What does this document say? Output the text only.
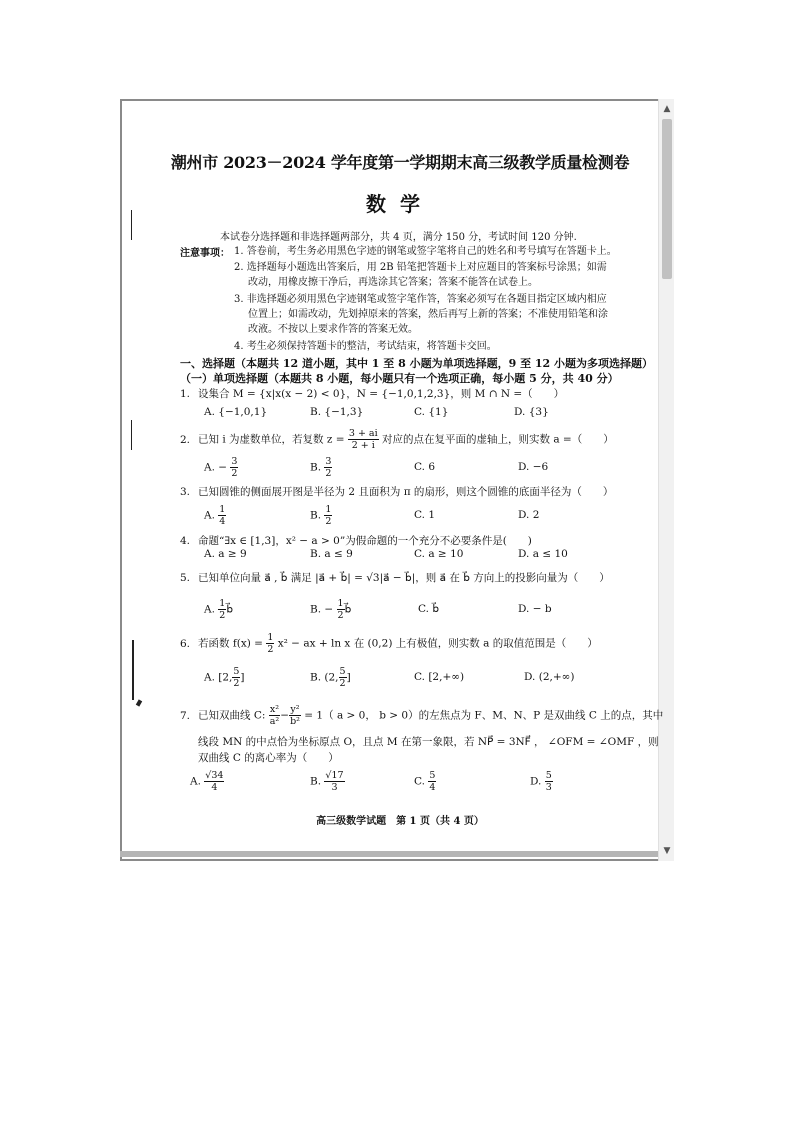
▲
▼
潮州市 2023－2024 学年度第一学期期末高三级教学质量检测卷
数学
本试卷分选择题和非选择题两部分，共 4 页，满分 150 分，考试时间 120 分钟.
注意事项： 1. 答卷前，考生务必用黑色字迹的钢笔或签字笔将自己的姓名和考号填写在答题卡上。
2. 选择题每小题选出答案后，用 2B 铅笔把答题卡上对应题目的答案标号涂黑；如需
改动，用橡皮擦干净后，再选涂其它答案；答案不能答在试卷上。
3. 非选择题必须用黑色字迹钢笔或签字笔作答，答案必须写在各题目指定区域内相应
位置上；如需改动，先划掉原来的答案，然后再写上新的答案；不准使用铅笔和涂
改液。不按以上要求作答的答案无效。
4. 考生必须保持答题卡的整洁，考试结束，将答题卡交回。
一、选择题（本题共 12 道小题，其中 1 至 8 小题为单项选择题，9 至 12 小题为多项选择题）
（一）单项选择题（本题共 8 小题，每小题只有一个选项正确，每小题 5 分，共 40 分）
1. 设集合 M = {x|x(x − 2) < 0}，N = {−1,0,1,2,3}，则 M ∩ N =（　　）
A. {−1,0,1}	B. {−1,3}	C. {1}	D. {3}
2. 已知 i 为虚数单位，若复数 $z = \frac{3 + ai}{2 + i}$ 对应的点在复平面的虚轴上，则实数 a =（　　）
A. − $\frac{3}{2}$	B. $\frac{3}{2}$	C. 6	D. −6
3. 已知圆锥的侧面展开图是半径为 2 且面积为 π 的扇形，则这个圆锥的底面半径为（　　）
A. $\frac{1}{4}$	B. $\frac{1}{2}$	C. 1	D. 2
4. 命题“∃x ∈ [1,3]，x² − a > 0”为假命题的一个充分不必要条件是(　　)
A. a ≥ 9	B. a ≤ 9	C. a ≥ 10	D. a ≤ 10
5. 已知单位向量 a⃗ , b⃗ 满足 |a⃗ + b⃗| = √3|a⃗ − b⃗|，则 a⃗ 在 b⃗ 方向上的投影向量为（　　）
A. $\frac{1}{2}$ b⃗	B. − $\frac{1}{2}$ b⃗	C. b⃗	D. − b
6. 若函数 $f(x) = \frac{1}{2} x^2$ − ax + ln x 在 (0,2) 上有极值，则实数 a 的取值范围是（　　）
A. [2, $\frac{5}{2}$ ]	B. (2, $\frac{5}{2}$ ]	C. [2,+∞)	D. (2,+∞)
7. 已知双曲线 C: $\frac{\text{x²}}{\text{a²}} - \frac{\text{y²}}{\text{b²}} = 1$（ a > 0， b > 0）的左焦点为 F、M、N、P 是双曲线 C 上的点，其中
线段 MN 的中点恰为坐标原点 O，且点 M 在第一象限，若 NP⃗ = 3NF⃗ ， ∠OFM = ∠OMF ，则
双曲线 C 的离心率为（　　）
A. $\frac{√34}{4}$	B. $\frac{√17}{3}$	C. $\frac{5}{4}$	D. $\frac{5}{3}$
高三级数学试题　第 1 页（共 4 页）
